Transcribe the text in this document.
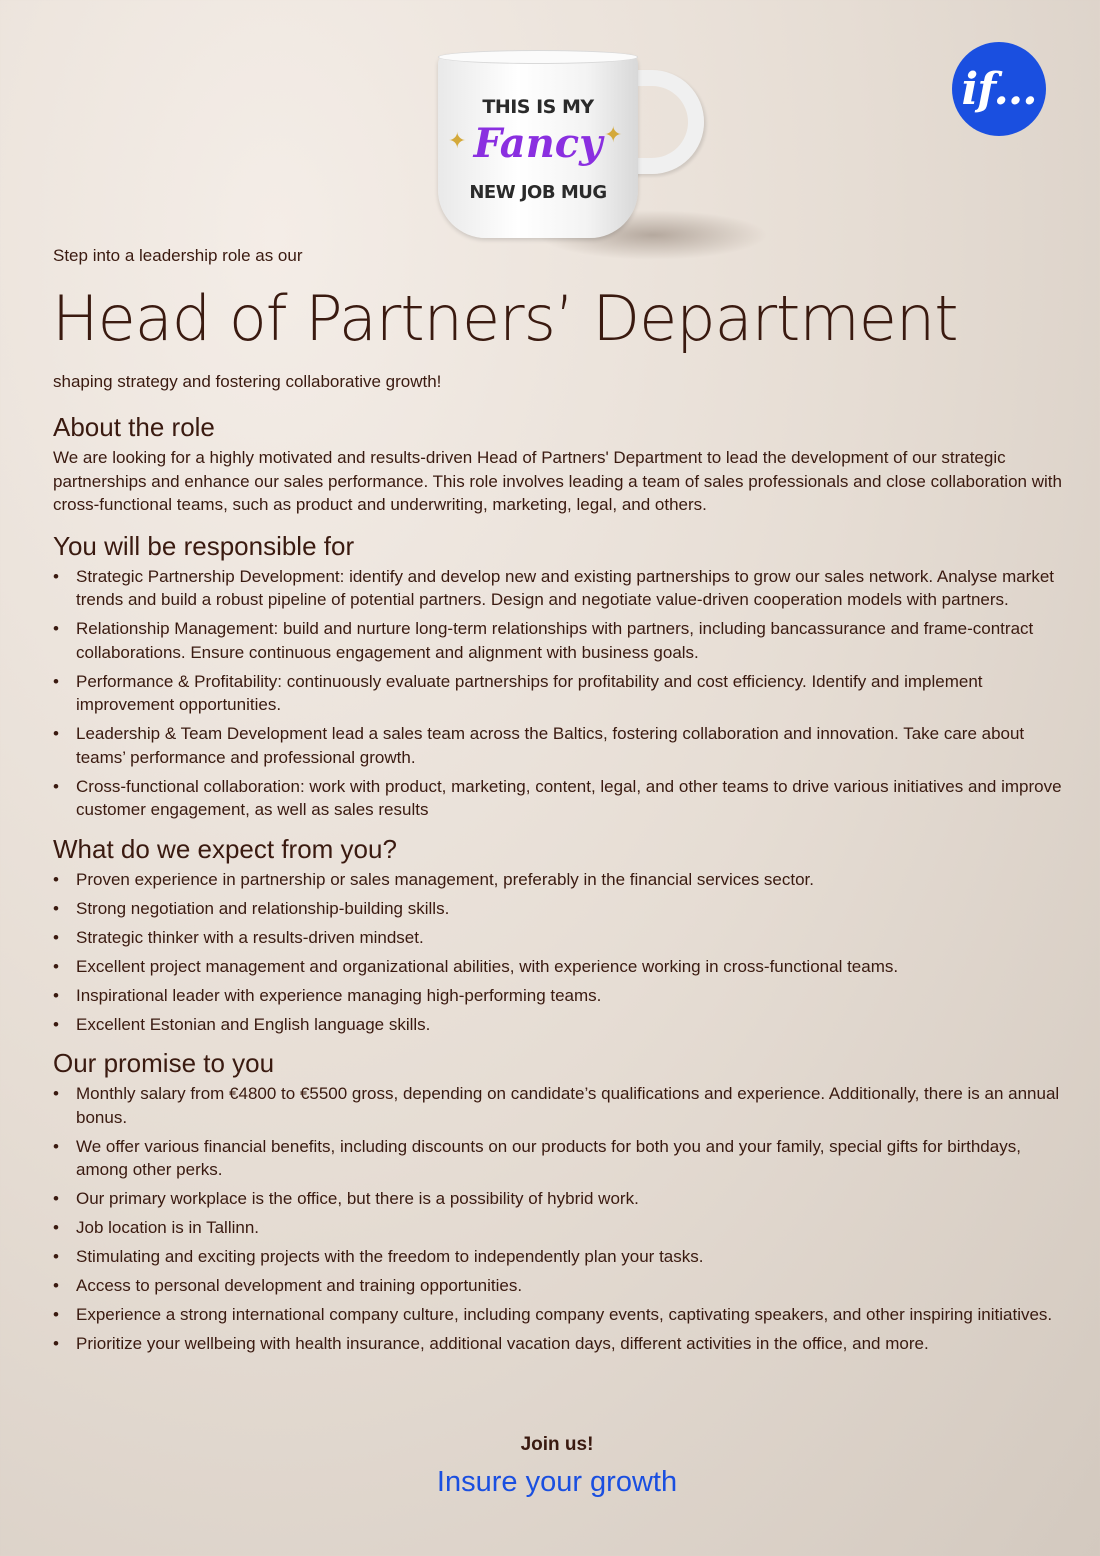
if...
THIS IS MY
✦ Fancy ✦
NEW JOB MUG

Step into a leadership role as our

Head of Partners’ Department

shaping strategy and fostering collaborative growth!

About the role

We are looking for a highly motivated and results-driven Head of Partners' Department to lead the development of our strategic partnerships and enhance our sales performance. This role involves leading a team of sales professionals and close collaboration with cross-functional teams, such as product and underwriting, marketing, legal, and others.

You will be responsible for
• Strategic Partnership Development: identify and develop new and existing partnerships to grow our sales network. Analyse market trends and build a robust pipeline of potential partners. Design and negotiate value-driven cooperation models with partners.
• Relationship Management: build and nurture long-term relationships with partners, including bancassurance and frame-contract collaborations. Ensure continuous engagement and alignment with business goals.
• Performance & Profitability: continuously evaluate partnerships for profitability and cost efficiency. Identify and implement improvement opportunities.
• Leadership & Team Development lead a sales team across the Baltics, fostering collaboration and innovation. Take care about teams’ performance and professional growth.
• Cross-functional collaboration: work with product, marketing, content, legal, and other teams to drive various initiatives and improve customer engagement, as well as sales results
What do we expect from you?
• Proven experience in partnership or sales management, preferably in the financial services sector.
• Strong negotiation and relationship-building skills.
• Strategic thinker with a results-driven mindset.
• Excellent project management and organizational abilities, with experience working in cross-functional teams.
• Inspirational leader with experience managing high-performing teams.
• Excellent Estonian and English language skills.
Our promise to you
• Monthly salary from €4800 to €5500 gross, depending on candidate’s qualifications and experience. Additionally, there is an annual bonus.
• We offer various financial benefits, including discounts on our products for both you and your family, special gifts for birthdays, among other perks.
• Our primary workplace is the office, but there is a possibility of hybrid work.
• Job location is in Tallinn.
• Stimulating and exciting projects with the freedom to independently plan your tasks.
• Access to personal development and training opportunities.
• Experience a strong international company culture, including company events, captivating speakers, and other inspiring initiatives.
• Prioritize your wellbeing with health insurance, additional vacation days, different activities in the office, and more.
Join us!
Insure your growth
